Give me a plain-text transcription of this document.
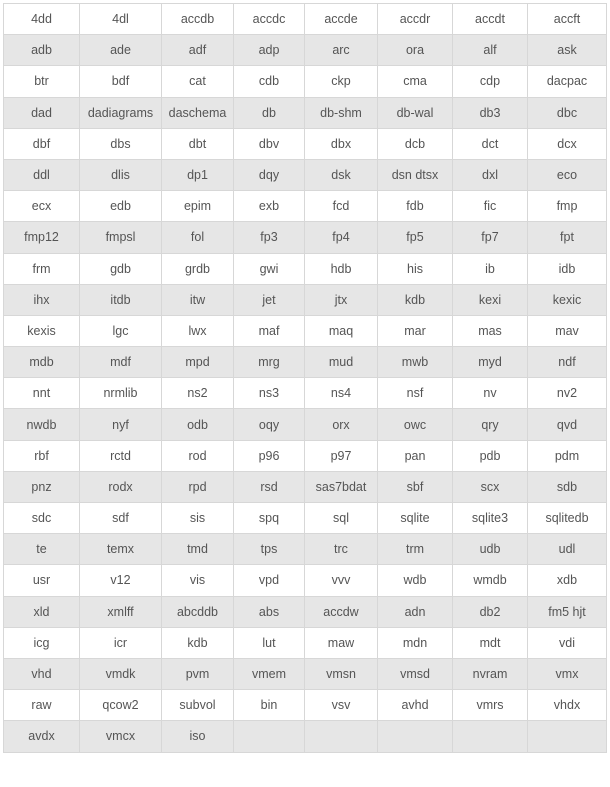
4dd	4dl	accdb	accdc	accde	accdr	accdt	accft
adb	ade	adf	adp	arc	ora	alf	ask
btr	bdf	cat	cdb	ckp	cma	cdp	dacpac
dad	dadiagrams	daschema	db	db-shm	db-wal	db3	dbc
dbf	dbs	dbt	dbv	dbx	dcb	dct	dcx
ddl	dlis	dp1	dqy	dsk	dsn dtsx	dxl	eco
ecx	edb	epim	exb	fcd	fdb	fic	fmp
fmp12	fmpsl	fol	fp3	fp4	fp5	fp7	fpt
frm	gdb	grdb	gwi	hdb	his	ib	idb
ihx	itdb	itw	jet	jtx	kdb	kexi	kexic
kexis	lgc	lwx	maf	maq	mar	mas	mav
mdb	mdf	mpd	mrg	mud	mwb	myd	ndf
nnt	nrmlib	ns2	ns3	ns4	nsf	nv	nv2
nwdb	nyf	odb	oqy	orx	owc	qry	qvd
rbf	rctd	rod	p96	p97	pan	pdb	pdm
pnz	rodx	rpd	rsd	sas7bdat	sbf	scx	sdb
sdc	sdf	sis	spq	sql	sqlite	sqlite3	sqlitedb
te	temx	tmd	tps	trc	trm	udb	udl
usr	v12	vis	vpd	vvv	wdb	wmdb	xdb
xld	xmlff	abcddb	abs	accdw	adn	db2	fm5 hjt
icg	icr	kdb	lut	maw	mdn	mdt	vdi
vhd	vmdk	pvm	vmem	vmsn	vmsd	nvram	vmx
raw	qcow2	subvol	bin	vsv	avhd	vmrs	vhdx
avdx	vmcx	iso					
